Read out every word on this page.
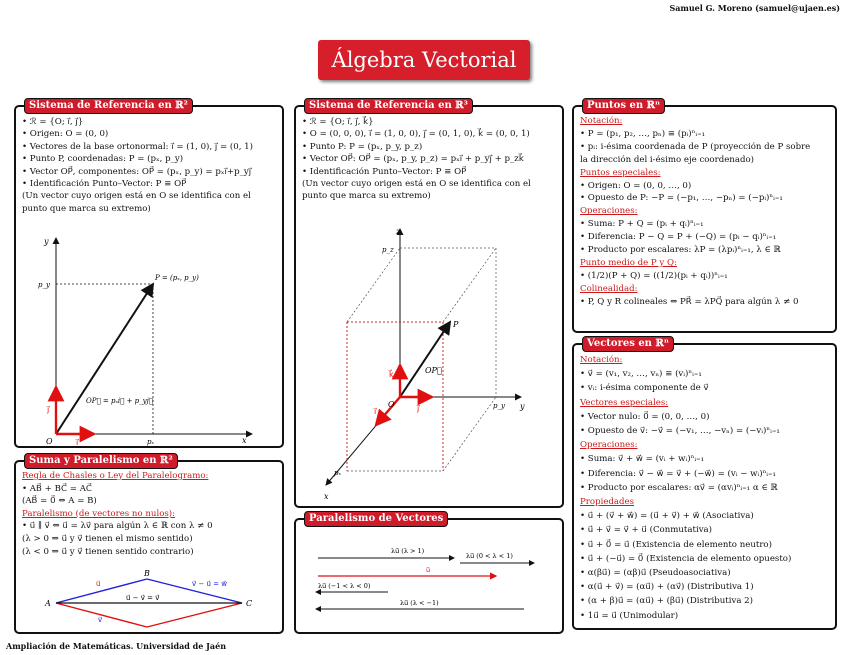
Samuel G. Moreno (samuel@ujaen.es)
Álgebra Vectorial
Sistema de Referencia en ℝ²
• ℛ = {O; i⃗, j⃗}
• Origen: O = (0, 0)
• Vectores de la base ortonormal: i⃗ = (1, 0), j⃗ = (0, 1)
• Punto P, coordenadas: P = (pₓ, p_y)
• Vector OP⃗, componentes: OP⃗ = (pₓ, p_y) = pₓi⃗+p_yj⃗
• Identificación Punto–Vector: P ≡ OP⃗
(Un vector cuyo origen está en O se identifica con el
punto que marca su extremo)
y
x
p_y
pₓ
P = (pₓ, p_y)
O	i⃗
j⃗
OP⃗ = pₓi⃗ + p_yj⃗
Sistema de Referencia en ℝ³
• ℛ = {O; i⃗, j⃗, k⃗}
• O = (0, 0, 0), i⃗ = (1, 0, 0), j⃗ = (0, 1, 0), k⃗ = (0, 0, 1)
• Punto P: P = (pₓ, p_y, p_z)
• Vector OP⃗: OP⃗ = (pₓ, p_y, p_z) = pₓi⃗ + p_yj⃗ + p_zk⃗
• Identificación Punto–Vector: P ≡ OP⃗
(Un vector cuyo origen está en O se identifica con el
punto que marca su extremo)
z
y
x
p_z
p_y
pₓ
P
O
i⃗	j⃗
k⃗	OP⃗
Puntos en ℝⁿ
Notación:
• P = (p₁, p₂, …, pₙ) ≡ (pᵢ)ⁿᵢ₌₁
• pᵢ: i-ésima coordenada de P (proyección de P sobre
la dirección del i-ésimo eje coordenado)
Puntos especiales:
• Origen: O = (0, 0, …, 0)
• Opuesto de P: −P = (−p₁, …, −pₙ) = (−pᵢ)ⁿᵢ₌₁
Operaciones:
• Suma: P + Q = (pᵢ + qᵢ)ⁿᵢ₌₁
• Diferencia: P − Q = P + (−Q) = (pᵢ − qᵢ)ⁿᵢ₌₁
• Producto por escalares: λP = (λpᵢ)ⁿᵢ₌₁, λ ∈ ℝ
Punto medio de P y Q:
• (1/2)(P + Q) = ((1/2)(pᵢ + qᵢ))ⁿᵢ₌₁
Colinealidad:
• P, Q y R colineales ⇔ PR⃗ = λPQ⃗ para algún λ ≠ 0
Vectores en ℝⁿ
Notación:
• v⃗ = (v₁, v₂, …, vₙ) ≡ (vᵢ)ⁿᵢ₌₁
• vᵢ: i-ésima componente de v⃗
Vectores especiales:
• Vector nulo: 0⃗ = (0, 0, …, 0)
• Opuesto de v⃗: −v⃗ = (−v₁, …, −vₙ) = (−vᵢ)ⁿᵢ₌₁
Operaciones:
• Suma: v⃗ + w⃗ = (vᵢ + wᵢ)ⁿᵢ₌₁
• Diferencia: v⃗ − w⃗ = v⃗ + (−w⃗) = (vᵢ − wᵢ)ⁿᵢ₌₁
• Producto por escalares: αv⃗ = (αvᵢ)ⁿᵢ₌₁ α ∈ ℝ
Propiedades
• u⃗ + (v⃗ + w⃗) = (u⃗ + v⃗) + w⃗ (Asociativa)
• u⃗ + v⃗ = v⃗ + u⃗ (Conmutativa)
• u⃗ + 0⃗ = u⃗ (Existencia de elemento neutro)
• u⃗ + (−u⃗) = 0⃗ (Existencia de elemento opuesto)
• α(βu⃗) = (αβ)u⃗ (Pseudoasociativa)
• α(u⃗ + v⃗) = (αu⃗) + (αv⃗) (Distributiva 1)
• (α + β)u⃗ = (αu⃗) + (βu⃗) (Distributiva 2)
• 1u⃗ = u⃗ (Unimodular)
Suma y Paralelismo en ℝ²
Regla de Chasles o Ley del Paralelogramo:
• AB⃗ + BC⃗ = AC⃗
(AB⃗ = 0⃗ ⇔ A = B)
Paralelismo (de vectores no nulos):
• u⃗ ∥ v⃗ ⇔ u⃗ = λv⃗ para algún λ ∈ ℝ con λ ≠ 0
(λ > 0 ⇒ u⃗ y v⃗ tienen el mismo sentido)
(λ < 0 ⇒ u⃗ y v⃗ tienen sentido contrario)
A
B
C
u⃗
v⃗
u⃗ − v⃗ = v⃗
v⃗ − u⃗ = w⃗
Paralelismo de Vectores
λu⃗ (λ > 1)
λu⃗ (0 < λ < 1)
u⃗
λu⃗ (−1 < λ < 0)
λu⃗ (λ < −1)
Ampliación de Matemáticas. Universidad de Jaén
